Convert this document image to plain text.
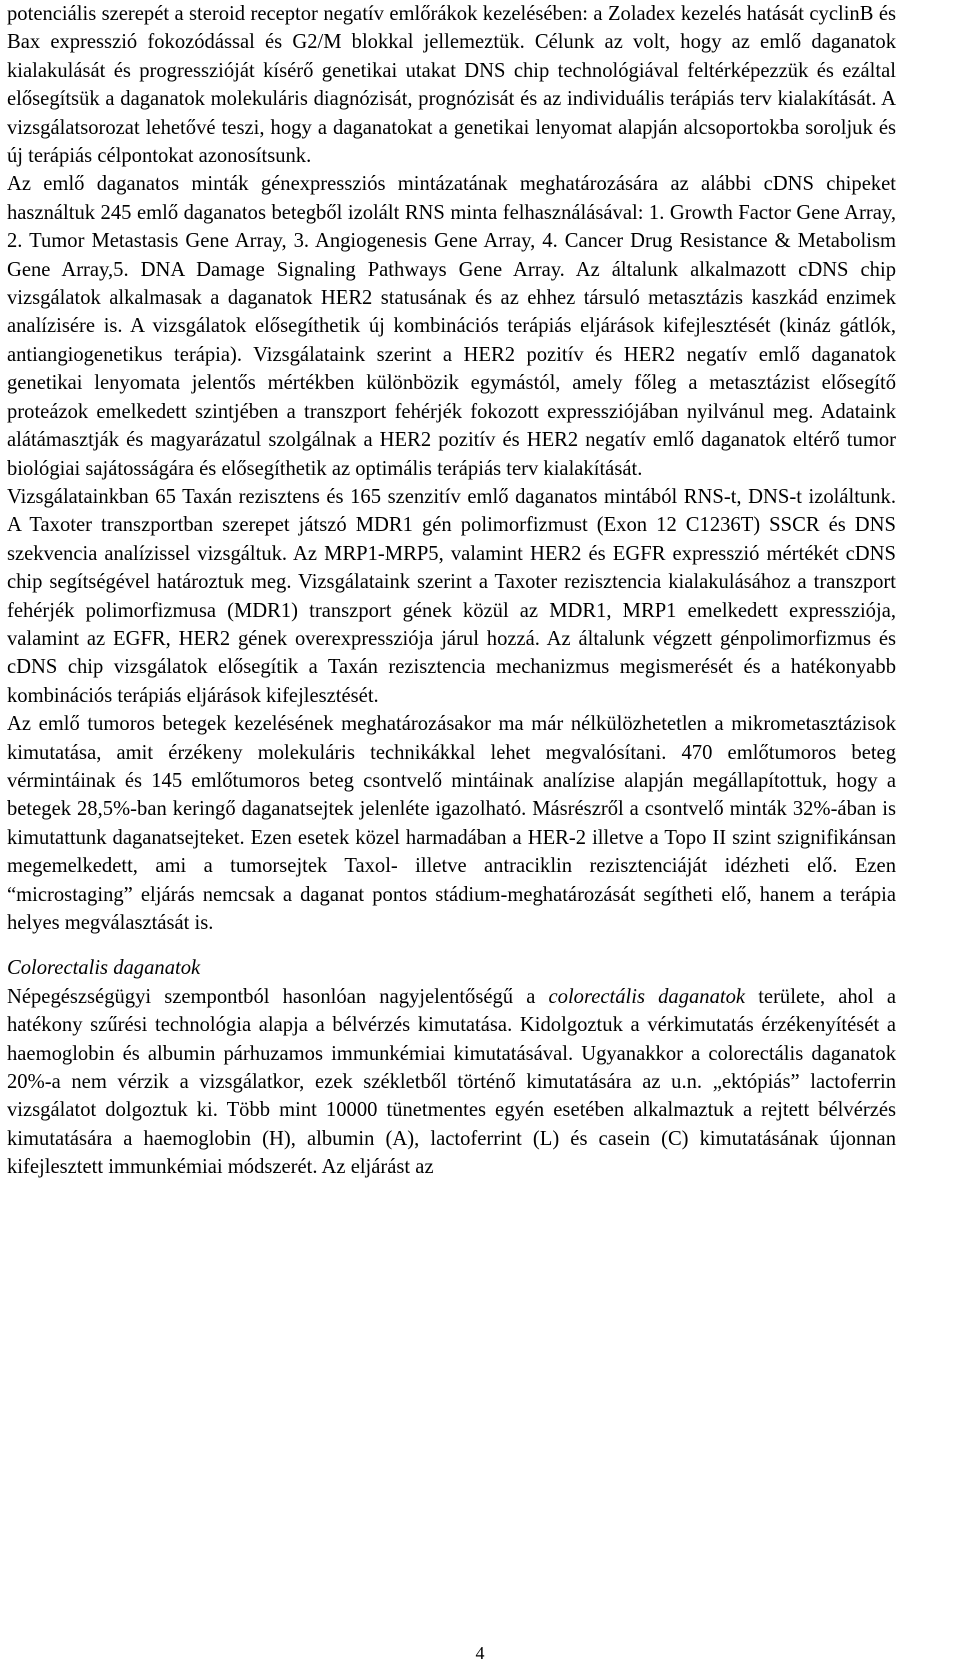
potenciális szerepét a steroid receptor negatív emlőrákok kezelésében: a Zoladex kezelés hatását cyclinB és Bax expresszió fokozódással és G2/M blokkal jellemeztük. Célunk az volt, hogy az emlő daganatok kialakulását és progresszióját kísérő genetikai utakat DNS chip technológiával feltérképezzük és ezáltal elősegítsük a daganatok molekuláris diagnózisát, prognózisát és az individuális terápiás terv kialakítását. A vizsgálatsorozat lehetővé teszi, hogy a daganatokat a genetikai lenyomat alapján alcsoportokba soroljuk és új terápiás célpontokat azonosítsunk.

Az emlő daganatos minták génexpressziós mintázatának meghatározására az alábbi cDNS chipeket használtuk 245 emlő daganatos betegből izolált RNS minta felhasználásával: 1. Growth Factor Gene Array, 2. Tumor Metastasis Gene Array, 3. Angiogenesis Gene Array, 4. Cancer Drug Resistance & Metabolism Gene Array,5. DNA Damage Signaling Pathways Gene Array. Az általunk alkalmazott cDNS chip vizsgálatok alkalmasak a daganatok HER2 statusának és az ehhez társuló metasztázis kaszkád enzimek analízisére is. A vizsgálatok elősegíthetik új kombinációs terápiás eljárások kifejlesztését (kináz gátlók, antiangiogenetikus terápia). Vizsgálataink szerint a HER2 pozitív és HER2 negatív emlő daganatok genetikai lenyomata jelentős mértékben különbözik egymástól, amely főleg a metasztázist elősegítő proteázok emelkedett szintjében a transzport fehérjék fokozott expressziójában nyilvánul meg. Adataink alátámasztják és magyarázatul szolgálnak a HER2 pozitív és HER2 negatív emlő daganatok eltérő tumor biológiai sajátosságára és elősegíthetik az optimális terápiás terv kialakítását.

Vizsgálatainkban 65 Taxán rezisztens és 165 szenzitív emlő daganatos mintából RNS-t, DNS-t izoláltunk. A Taxoter transzportban szerepet játszó MDR1 gén polimorfizmust (Exon 12 C1236T) SSCR és DNS szekvencia analízissel vizsgáltuk. Az MRP1-MRP5, valamint HER2 és EGFR expresszió mértékét cDNS chip segítségével határoztuk meg. Vizsgálataink szerint a Taxoter rezisztencia kialakulásához a transzport fehérjék polimorfizmusa (MDR1) transzport gének közül az MDR1, MRP1 emelkedett expressziója, valamint az EGFR, HER2 gének overexpressziója járul hozzá. Az általunk végzett génpolimorfizmus és cDNS chip vizsgálatok elősegítik a Taxán rezisztencia mechanizmus megismerését és a hatékonyabb kombinációs terápiás eljárások kifejlesztését.

Az emlő tumoros betegek kezelésének meghatározásakor ma már nélkülözhetetlen a mikrometasztázisok kimutatása, amit érzékeny molekuláris technikákkal lehet megvalósítani. 470 emlőtumoros beteg vérmintáinak és 145 emlőtumoros beteg csontvelő mintáinak analízise alapján megállapítottuk, hogy a betegek 28,5%-ban keringő daganatsejtek jelenléte igazolható. Másrészről a csontvelő minták 32%-ában is kimutattunk daganatsejteket. Ezen esetek közel harmadában a HER-2 illetve a Topo II szint szignifikánsan megemelkedett, ami a tumorsejtek Taxol- illetve antraciklin rezisztenciáját idézheti elő. Ezen “microstaging” eljárás nemcsak a daganat pontos stádium-meghatározását segítheti elő, hanem a terápia helyes megválasztását is.

Colorectalis daganatok

Népegészségügyi szempontból hasonlóan nagyjelentőségű a colorectális daganatok területe, ahol a hatékony szűrési technológia alapja a bélvérzés kimutatása. Kidolgoztuk a vérkimutatás érzékenyítését a haemoglobin és albumin párhuzamos immunkémiai kimutatásával. Ugyanakkor a colorectális daganatok 20%-a nem vérzik a vizsgálatkor, ezek székletből történő kimutatására az u.n. „ektópiás” lactoferrin vizsgálatot dolgoztuk ki. Több mint 10000 tünetmentes egyén esetében alkalmaztuk a rejtett bélvérzés kimutatására a haemoglobin (H), albumin (A), lactoferrint (L) és casein (C) kimutatásának újonnan kifejlesztett immunkémiai módszerét. Az eljárást az

4
